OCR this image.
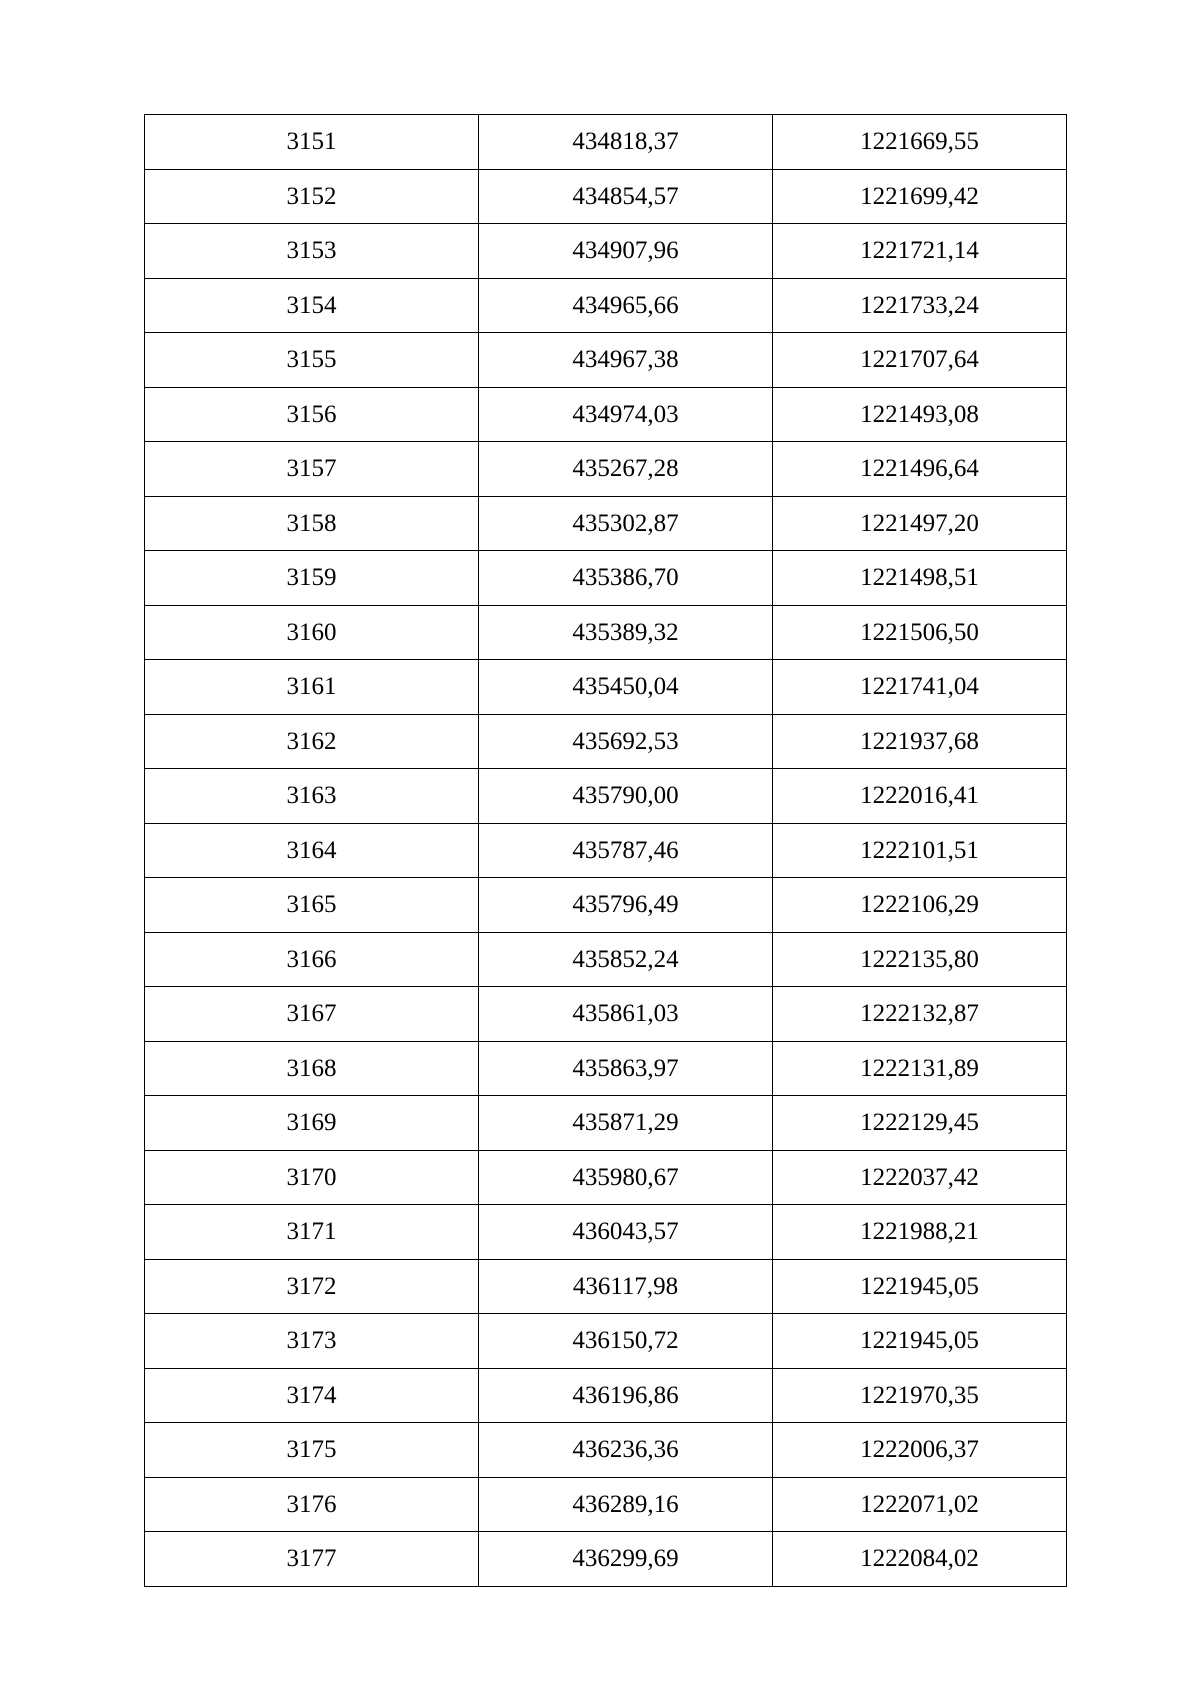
3151	434818,37	1221669,55
3152	434854,57	1221699,42
3153	434907,96	1221721,14
3154	434965,66	1221733,24
3155	434967,38	1221707,64
3156	434974,03	1221493,08
3157	435267,28	1221496,64
3158	435302,87	1221497,20
3159	435386,70	1221498,51
3160	435389,32	1221506,50
3161	435450,04	1221741,04
3162	435692,53	1221937,68
3163	435790,00	1222016,41
3164	435787,46	1222101,51
3165	435796,49	1222106,29
3166	435852,24	1222135,80
3167	435861,03	1222132,87
3168	435863,97	1222131,89
3169	435871,29	1222129,45
3170	435980,67	1222037,42
3171	436043,57	1221988,21
3172	436117,98	1221945,05
3173	436150,72	1221945,05
3174	436196,86	1221970,35
3175	436236,36	1222006,37
3176	436289,16	1222071,02
3177	436299,69	1222084,02
